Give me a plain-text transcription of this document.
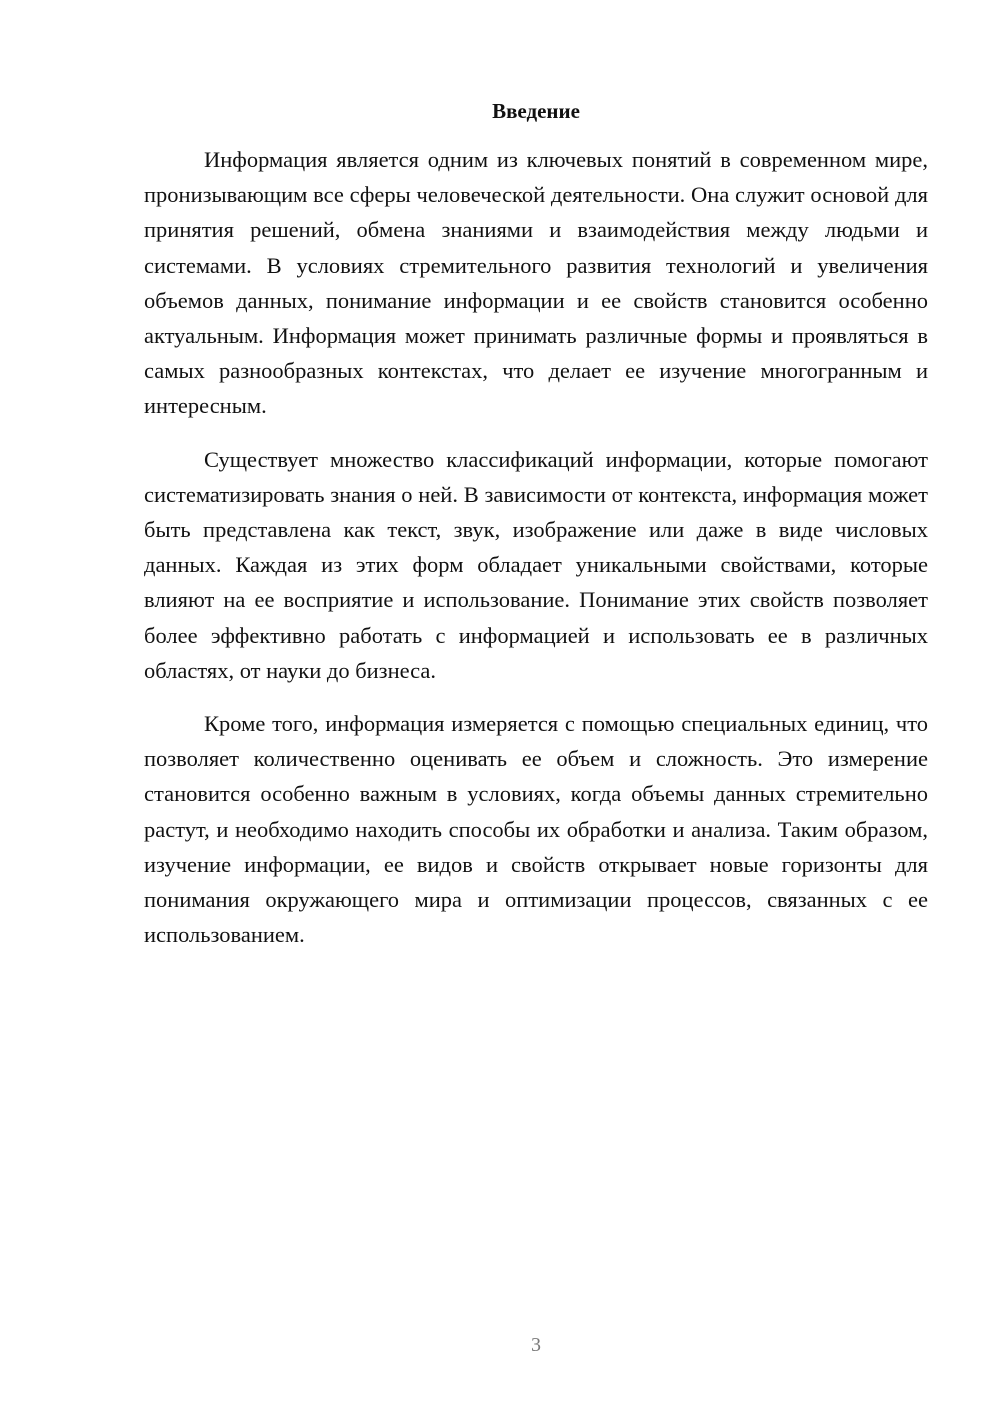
Введение

Информация является одним из ключевых понятий в современном мире, пронизывающим все сферы человеческой деятельности. Она служит основой для принятия решений, обмена знаниями и взаимодействия между людьми и системами. В условиях стремительного развития технологий и увеличения объемов данных, понимание информации и ее свойств становится особенно актуальным. Информация может принимать различные формы и проявляться в самых разнообразных контекстах, что делает ее изучение многогранным и интересным.

Существует множество классификаций информации, которые помогают систематизировать знания о ней. В зависимости от контекста, информация может быть представлена как текст, звук, изображение или даже в виде числовых данных. Каждая из этих форм обладает уникальными свойствами, которые влияют на ее восприятие и использование. Понимание этих свойств позволяет более эффективно работать с информацией и использовать ее в различных областях, от науки до бизнеса.

Кроме того, информация измеряется с помощью специальных единиц, что позволяет количественно оценивать ее объем и сложность. Это измерение становится особенно важным в условиях, когда объемы данных стремительно растут, и необходимо находить способы их обработки и анализа. Таким образом, изучение информации, ее видов и свойств открывает новые горизонты для понимания окружающего мира и оптимизации процессов, связанных с ее использованием.

3
